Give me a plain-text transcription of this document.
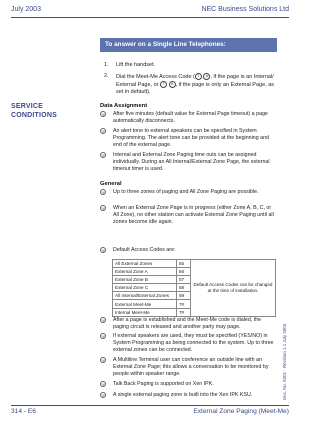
July 2003	NEC Business Solutions Ltd
To answer on a Single Line Telephones:
1. Lift the handset.
2. Dial the Meet-Me Access Code ( 7 # , if the page is an Internal/ External Page, or 7 # , if the page is only an External Page, as set in default).
SERVICE
CONDITIONS
Data Assignment
☏ After five minutes (default value for External Page timeout) a page automatically disconnects.
☏ An alert tone to external speakers can be specified in System Programming. The alert tone can be provided at the beginning and end of the external page.
☏ Internal and External Zone Paging time outs can be assigned individually. During an All Internal/External Zone Page, the external timeout timer is used.
General
☏ Up to three zones of paging and All Zone Paging are possible.
☏ When an External Zone Page is in progress (either Zone A, B, C, or All Zone), no other station can activate External Zone Paging until all zones become idle again.
☏ Default Access Codes are:
All External Zones	55	Default Access Codes can be changed at the time of installation.
External Zone A	56	
External Zone B	57	
External Zone C	58	
All Internal/External Zones	59	
External Meet-Me	7#	
Internal Meet-Me	7#	
☏ After a page is established and the Meet-Me code is dialed, the paging circuit is released and another party may page.
☏ If external speakers are used, they must be specified (YES/NO) in System Programming as being connected to the system. Up to three external zones can be connected.
☏ A Multiline Terminal user can conference an outside line with an External Zone Page; this allows a conversation to be monitored by people within speaker range.
☏ Talk Back Paging is supported on Xen IPK.
☏ A single external paging zone is built into the Xen IPK KSU.	Doc. No. 8201 - Revision 1.1 July 2003
314 - E6	External Zone Paging (Meet-Me)
